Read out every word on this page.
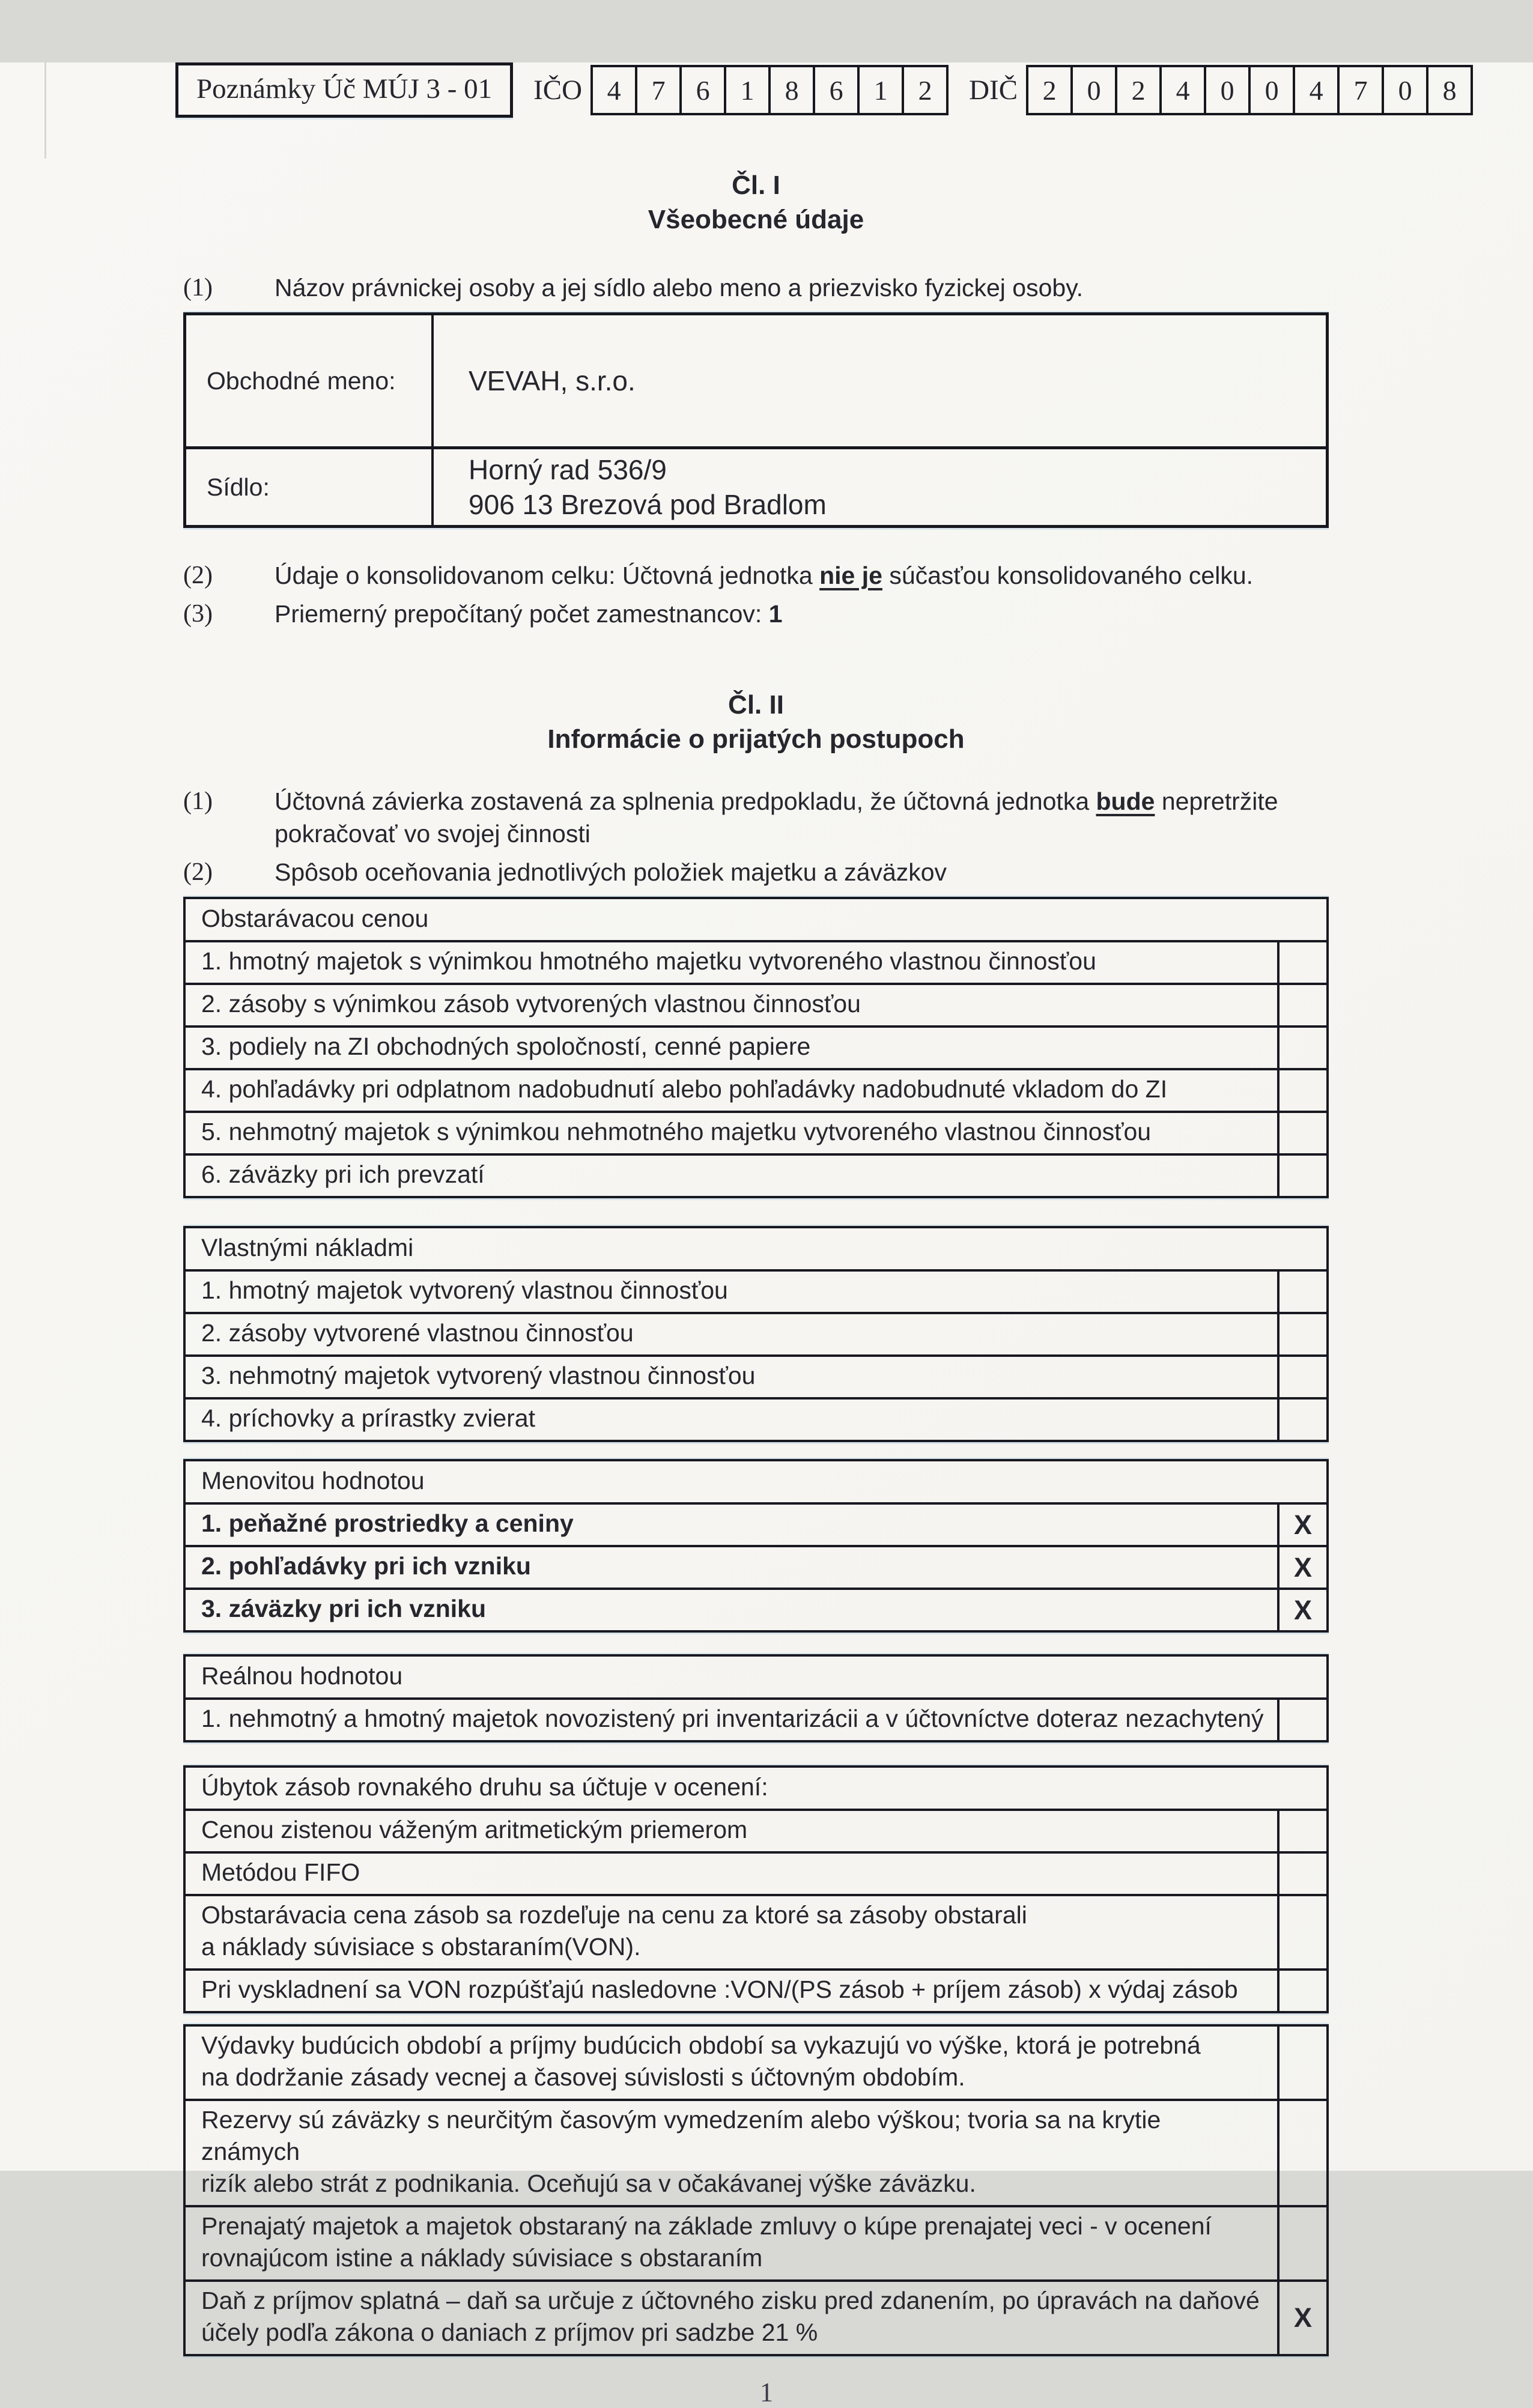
Poznámky Úč MÚJ 3 - 01	IČO 4	7	6	1	8	6	1	2	DIČ 2	0	2	4	0	0	4	7	0	8
Čl. I
Všeobecné údaje
(1)	Názov právnickej osoby a jej sídlo alebo meno a priezvisko fyzickej osoby.
Obchodné meno:	VEVAH, s.r.o.
Sídlo:
Horný rad 536/9
906 13 Brezová pod Bradlom
(2)	Údaje o konsolidovanom celku: Účtovná jednotka nie je súčasťou konsolidovaného celku.
(3)	Priemerný prepočítaný počet zamestnancov: 1
Čl. II
Informácie o prijatých postupoch
(1)	Účtovná závierka zostavená za splnenia predpokladu, že účtovná jednotka bude nepretržite
pokračovať vo svojej činnosti
(2)	Spôsob oceňovania jednotlivých položiek majetku a záväzkov
Obstarávacou cenou
1. hmotný majetok s výnimkou hmotného majetku vytvoreného vlastnou činnosťou
2. zásoby s výnimkou zásob vytvorených vlastnou činnosťou
3. podiely na ZI obchodných spoločností, cenné papiere
4. pohľadávky pri odplatnom nadobudnutí alebo pohľadávky nadobudnuté vkladom do ZI
5. nehmotný majetok s výnimkou nehmotného majetku vytvoreného vlastnou činnosťou
6. záväzky pri ich prevzatí
Vlastnými nákladmi
1. hmotný majetok vytvorený vlastnou činnosťou
2. zásoby vytvorené vlastnou činnosťou
3. nehmotný majetok vytvorený vlastnou činnosťou
4. príchovky a prírastky zvierat
Menovitou hodnotou
1. peňažné prostriedky a ceniny	X
2. pohľadávky pri ich vzniku	X
3. záväzky pri ich vzniku	X
Reálnou hodnotou
1. nehmotný a hmotný majetok novozistený pri inventarizácii a v účtovníctve doteraz nezachytený
Úbytok zásob rovnakého druhu sa účtuje v ocenení:
Cenou zistenou váženým aritmetickým priemerom
Metódou FIFO
Obstarávacia cena zásob sa rozdeľuje na cenu za ktoré sa zásoby obstarali
a náklady súvisiace s obstaraním(VON).
Pri vyskladnení sa VON rozpúšťajú nasledovne :VON/(PS zásob + príjem zásob) x výdaj zásob
Výdavky budúcich období a príjmy budúcich období sa vykazujú vo výške, ktorá je potrebná
na dodržanie zásady vecnej a časovej súvislosti s účtovným obdobím.
Rezervy sú záväzky s neurčitým časovým vymedzením alebo výškou; tvoria sa na krytie známych
rizík alebo strát z podnikania. Oceňujú sa v očakávanej výške záväzku.
Prenajatý majetok a majetok obstaraný na základe zmluvy o kúpe prenajatej veci - v ocenení
rovnajúcom istine a náklady súvisiace s obstaraním
Daň z príjmov splatná – daň sa určuje z účtovného zisku pred zdanením, po úpravách na daňové
účely podľa zákona o daniach z príjmov pri sadzbe 21 %	X
1
